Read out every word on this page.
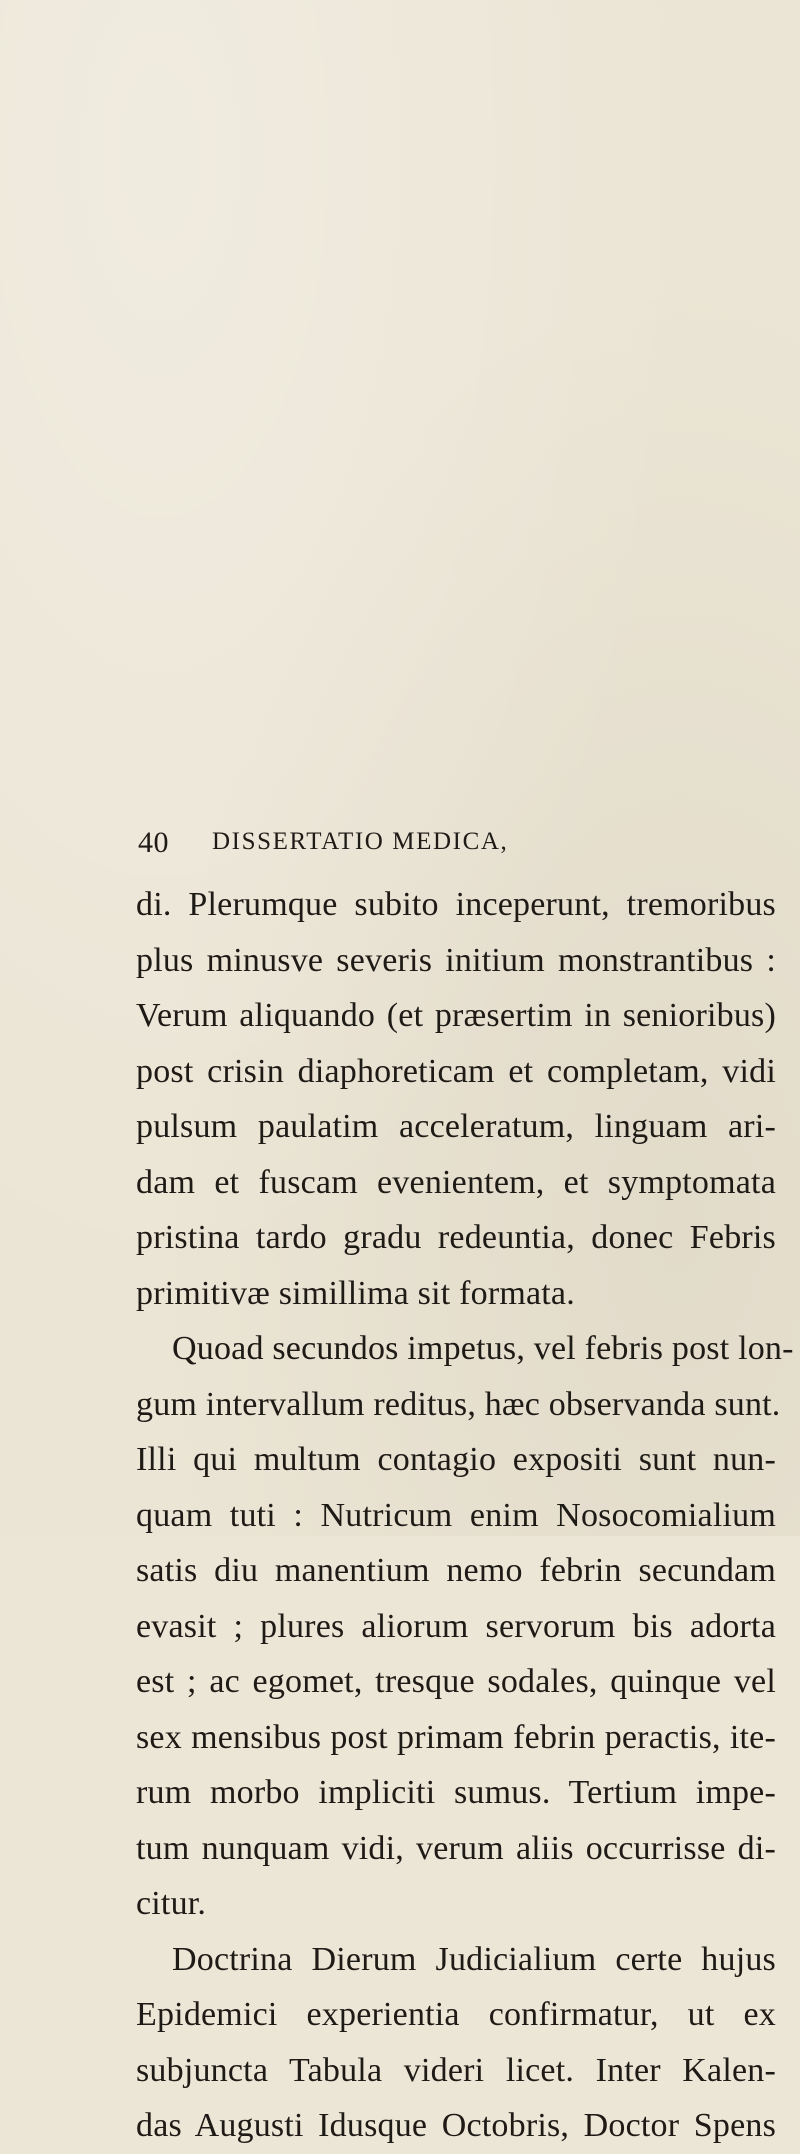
40 DISSERTATIO MEDICA,
di. Plerumque subito inceperunt, tremoribus
plus minusve severis initium monstrantibus :
Verum aliquando (et præsertim in senioribus)
post crisin diaphoreticam et completam, vidi
pulsum paulatim acceleratum, linguam ari-
dam et fuscam evenientem, et symptomata
pristina tardo gradu redeuntia, donec Febris
primitivæ simillima sit formata.
Quoad secundos impetus, vel febris post lon-
gum intervallum reditus, hæc observanda sunt.
Illi qui multum contagio expositi sunt nun-
quam tuti : Nutricum enim Nosocomialium
satis diu manentium nemo febrin secundam
evasit ; plures aliorum servorum bis adorta
est ; ac egomet, tresque sodales, quinque vel
sex mensibus post primam febrin peractis, ite-
rum morbo impliciti sumus. Tertium impe-
tum nunquam vidi, verum aliis occurrisse di-
citur.
Doctrina Dierum Judicialium certe hujus
Epidemici experientia confirmatur, ut ex
subjuncta Tabula videri licet. Inter Kalen-
das Augusti Idusque Octobris, Doctor Spens
